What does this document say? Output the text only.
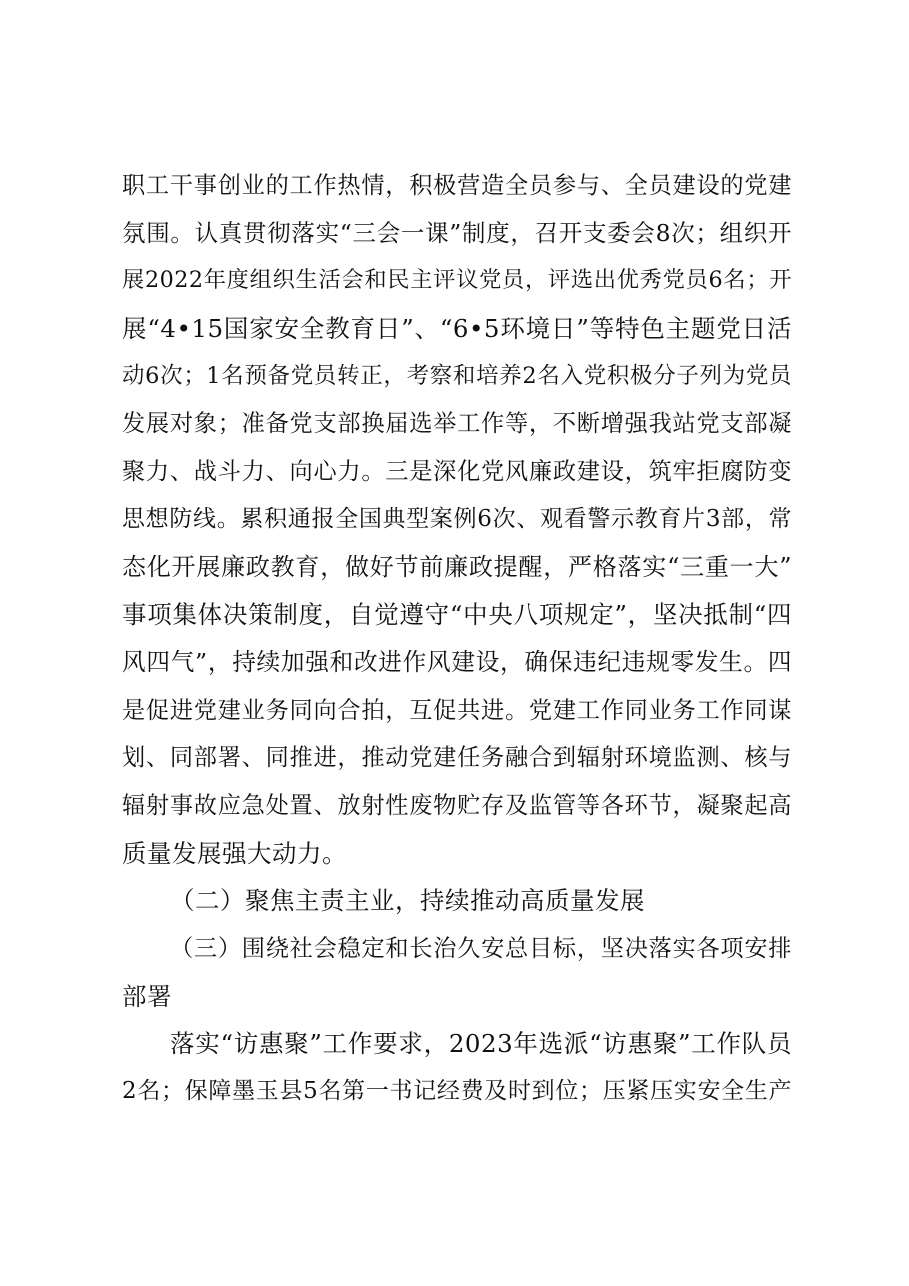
职工干事创业的工作热情，积极营造全员参与、全员建设的党建
氛围。认真贯彻落实“三会一课”制度，召开支委会8次；组织开
展2022年度组织生活会和民主评议党员，评选出优秀党员6名；开
展“4•15国家安全教育日”、“6•5环境日”等特色主题党日活
动6次；1名预备党员转正，考察和培养2名入党积极分子列为党员
发展对象；准备党支部换届选举工作等，不断增强我站党支部凝
聚力、战斗力、向心力。三是深化党风廉政建设，筑牢拒腐防变
思想防线。累积通报全国典型案例6次、观看警示教育片3部，常
态化开展廉政教育，做好节前廉政提醒，严格落实“三重一大”
事项集体决策制度，自觉遵守“中央八项规定”，坚决抵制“四
风四气”，持续加强和改进作风建设，确保违纪违规零发生。四
是促进党建业务同向合拍，互促共进。党建工作同业务工作同谋
划、同部署、同推进，推动党建任务融合到辐射环境监测、核与
辐射事故应急处置、放射性废物贮存及监管等各环节，凝聚起高
质量发展强大动力。
（二）聚焦主责主业，持续推动高质量发展
（三）围绕社会稳定和长治久安总目标，坚决落实各项安排
部署
落实“访惠聚”工作要求，2023年选派“访惠聚”工作队员
2名；保障墨玉县5名第一书记经费及时到位；压紧压实安全生产
